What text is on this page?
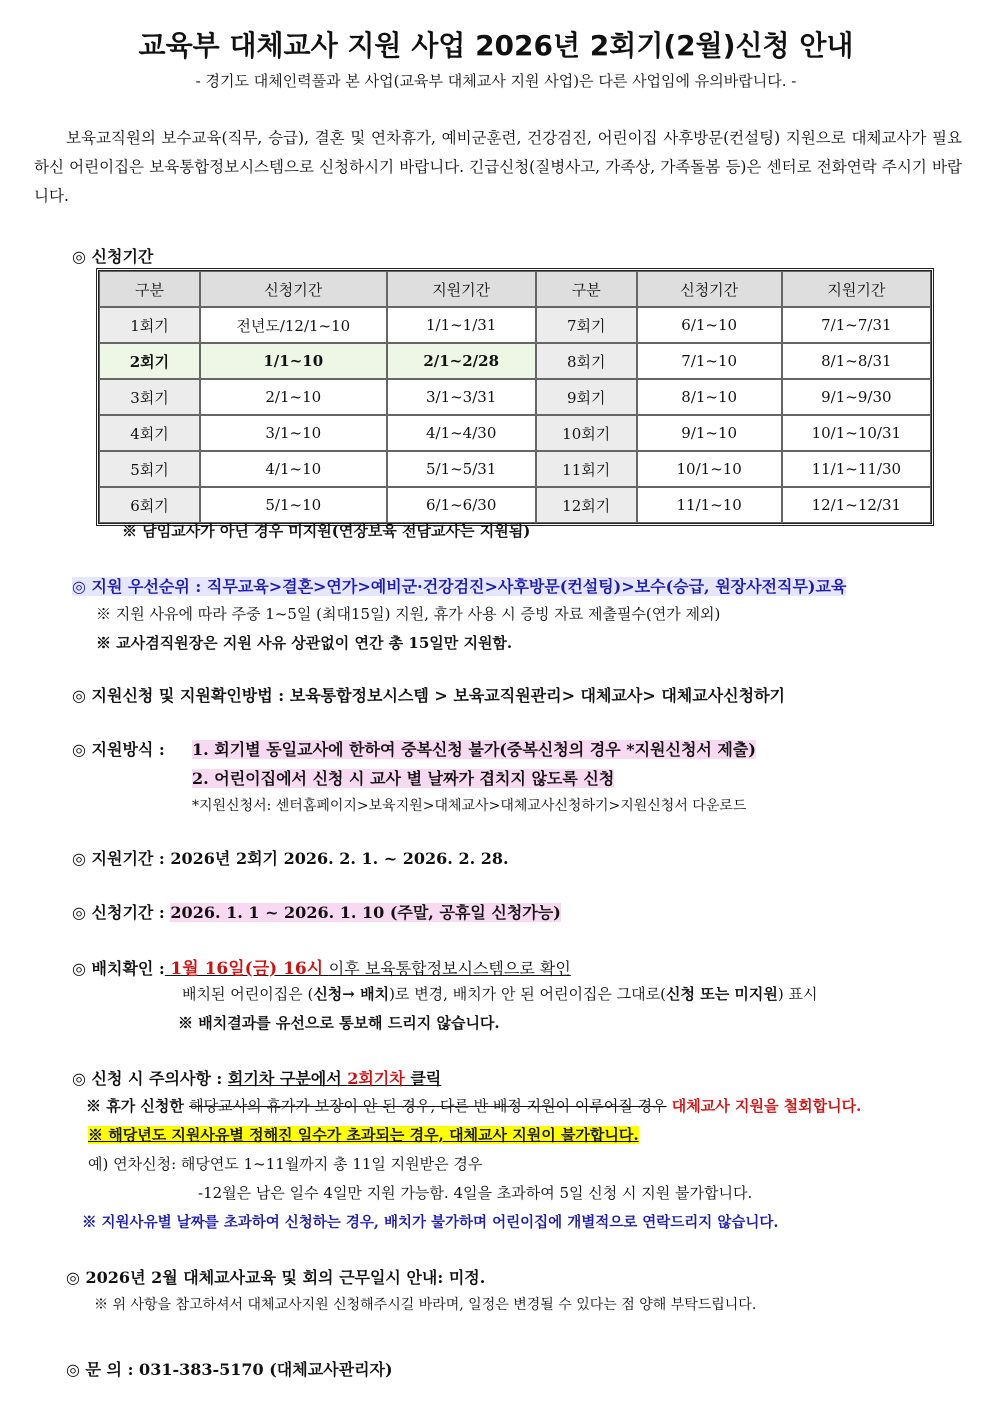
교육부 대체교사 지원 사업 2026년 2회기(2월)신청 안내
- 경기도 대체인력풀과 본 사업(교육부 대체교사 지원 사업)은 다른 사업임에 유의바랍니다. -
보육교직원의 보수교육(직무, 승급), 결혼 및 연차휴가, 예비군훈련, 건강검진, 어린이집 사후방문(컨설팅) 지원으로 대체교사가 필요하신 어린이집은 보육통합정보시스템으로 신청하시기 바랍니다. 긴급신청(질병사고, 가족상, 가족돌봄 등)은 센터로 전화연락 주시기 바랍니다.
◎ 신청기간
구분	신청기간	지원기간	구분	신청기간	지원기간
1회기	전년도/12/1~10	1/1~1/31	7회기	6/1~10	7/1~7/31
2회기	1/1~10	2/1~2/28	8회기	7/1~10	8/1~8/31
3회기	2/1~10	3/1~3/31	9회기	8/1~10	9/1~9/30
4회기	3/1~10	4/1~4/30	10회기	9/1~10	10/1~10/31
5회기	4/1~10	5/1~5/31	11회기	10/1~10	11/1~11/30
6회기	5/1~10	6/1~6/30	12회기	11/1~10	12/1~12/31
※ 담임교사가 아닌 경우 미지원(연장보육 전담교사는 지원됨)
◎ 지원 우선순위 : 직무교육>결혼>연가>예비군·건강검진>사후방문(컨설팅)>보수(승급, 원장사전직무)교육
※ 지원 사유에 따라 주중 1~5일 (최대15일) 지원, 휴가 사용 시 증빙 자료 제출필수(연가 제외)
※ 교사겸직원장은 지원 사유 상관없이 연간 총 15일만 지원함.
◎ 지원신청 및 지원확인방법 : 보육통합정보시스템 > 보육교직원관리> 대체교사> 대체교사신청하기
◎ 지원방식 : 1. 회기별 동일교사에 한하여 중복신청 불가(중복신청의 경우 *지원신청서 제출)
2. 어린이집에서 신청 시 교사 별 날짜가 겹치지 않도록 신청
*지원신청서: 센터홈페이지>보육지원>대체교사>대체교사신청하기>지원신청서 다운로드
◎ 지원기간 : 2026년 2회기 2026. 2. 1. ~ 2026. 2. 28.
◎ 신청기간 : 2026. 1. 1 ~ 2026. 1. 10 (주말, 공휴일 신청가능)
◎ 배치확인 : 1월 16일(금) 16시 이후 보육통합정보시스템으로 확인
배치된 어린이집은 (신청→ 배치)로 변경, 배치가 안 된 어린이집은 그대로(신청 또는 미지원) 표시
※ 배치결과를 유선으로 통보해 드리지 않습니다.
◎ 신청 시 주의사항 : 회기차 구분에서 2회기차 클릭
※ 휴가 신청한 해당교사의 휴가가 보장이 안 된 경우, 다른 반 배정 지원이 이루어질 경우 대체교사 지원을 철회합니다.
※ 해당년도 지원사유별 정해진 일수가 초과되는 경우, 대체교사 지원이 불가합니다.
예) 연차신청: 해당연도 1~11월까지 총 11일 지원받은 경우
-12월은 남은 일수 4일만 지원 가능함. 4일을 초과하여 5일 신청 시 지원 불가합니다.
※ 지원사유별 날짜를 초과하여 신청하는 경우, 배치가 불가하며 어린이집에 개별적으로 연락드리지 않습니다.
◎ 2026년 2월 대체교사교육 및 회의 근무일시 안내: 미정.
※ 위 사항을 참고하셔서 대체교사지원 신청해주시길 바라며, 일정은 변경될 수 있다는 점 양해 부탁드립니다.
◎ 문 의 : 031-383-5170 (대체교사관리자)
